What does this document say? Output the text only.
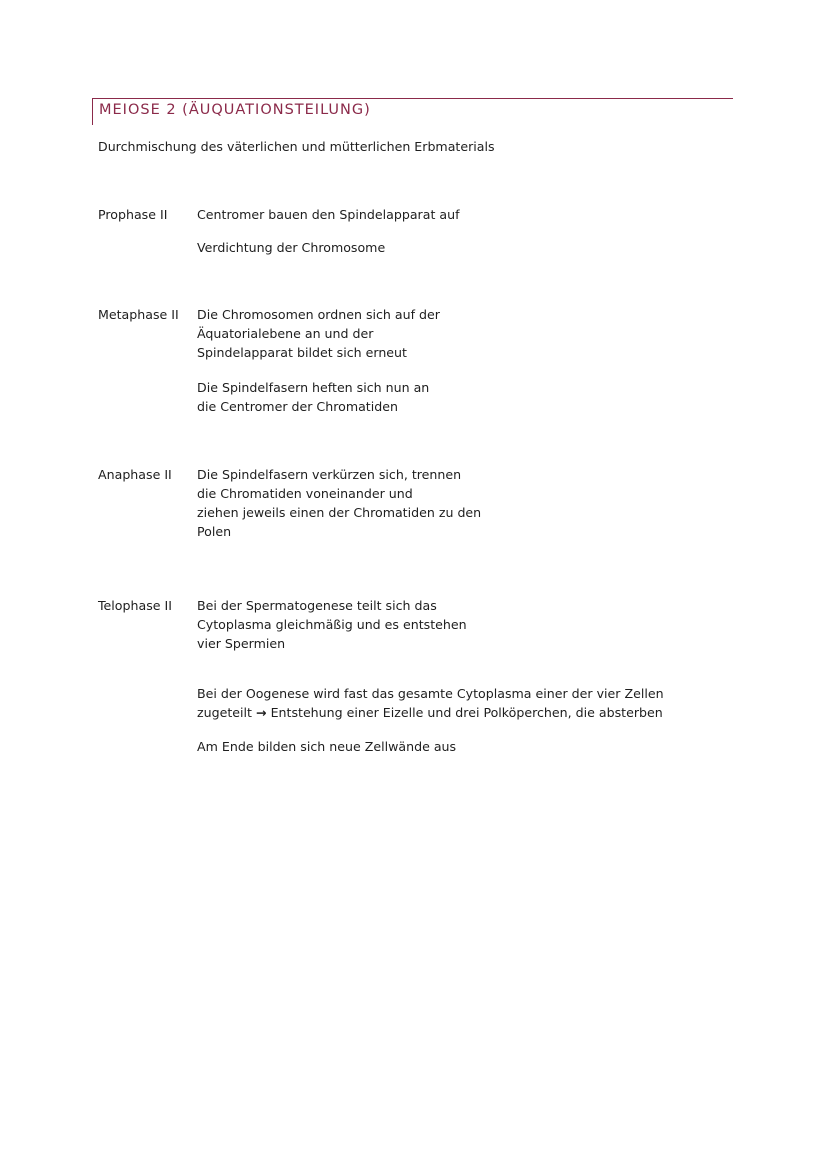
MEIOSE 2 (ÄUQUATIONSTEILUNG)
Durchmischung des väterlichen und mütterlichen Erbmaterials
Prophase II Centromer bauen den Spindelapparat auf
Verdichtung der Chromosome
Metaphase II Die Chromosomen ordnen sich auf der
Äquatorialebene an und der
Spindelapparat bildet sich erneut
Die Spindelfasern heften sich nun an
die Centromer der Chromatiden
Anaphase II Die Spindelfasern verkürzen sich, trennen
die Chromatiden voneinander und
ziehen jeweils einen der Chromatiden zu den
Polen
Telophase II Bei der Spermatogenese teilt sich das
Cytoplasma gleichmäßig und es entstehen
vier Spermien
Bei der Oogenese wird fast das gesamte Cytoplasma einer der vier Zellen
zugeteilt → Entstehung einer Eizelle und drei Polköperchen, die absterben
Am Ende bilden sich neue Zellwände aus
